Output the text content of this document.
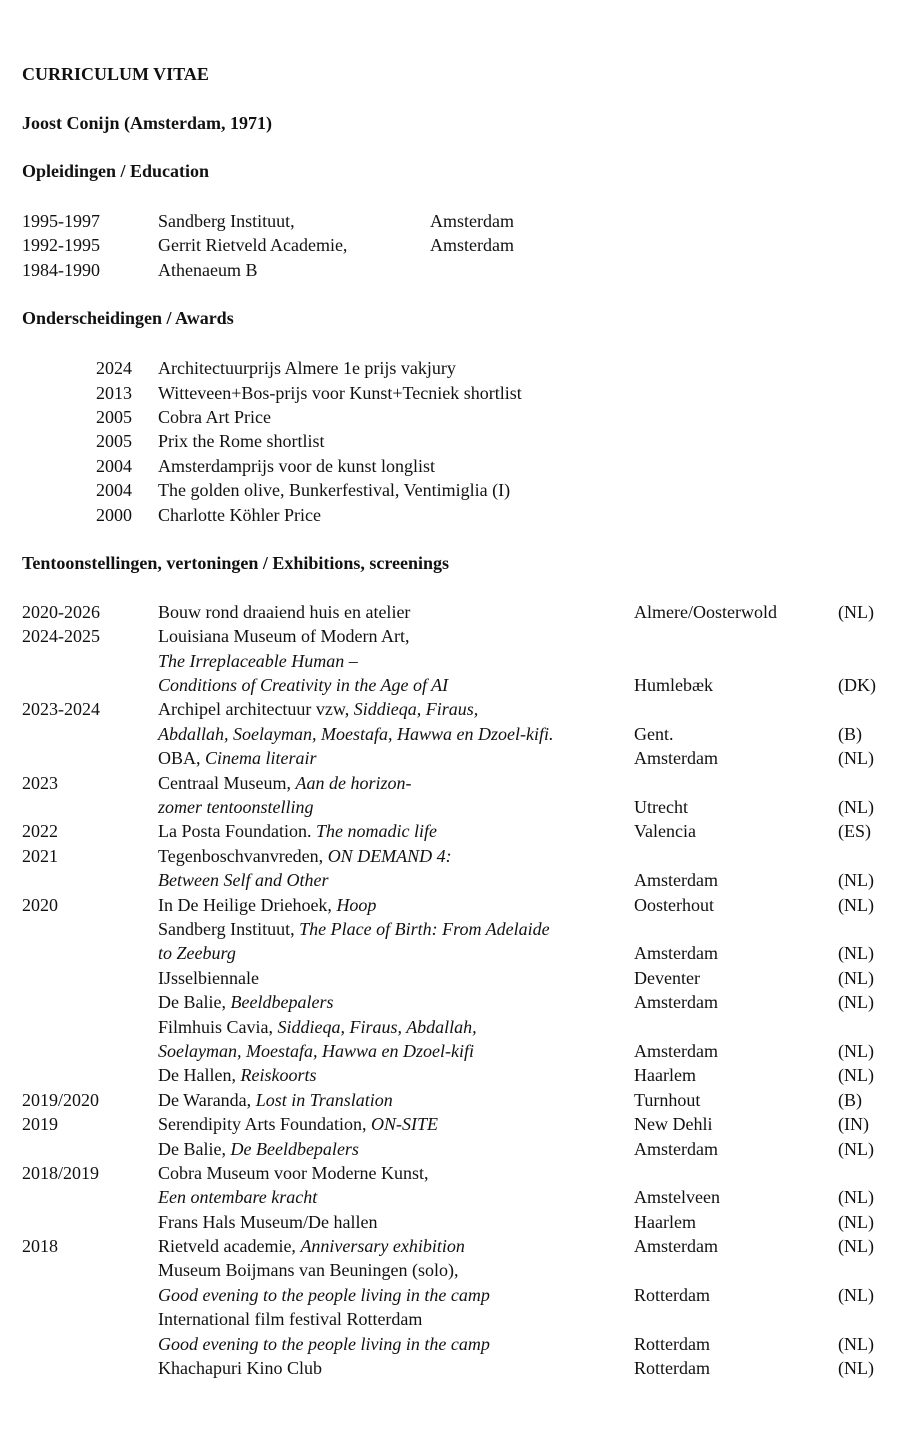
CURRICULUM VITAE
Joost Conijn (Amsterdam, 1971)
Opleidingen / Education
1995-1997	Sandberg Instituut,	Amsterdam
1992-1995	Gerrit Rietveld Academie,	Amsterdam
1984-1990	Athenaeum B
Onderscheidingen / Awards
2024 Architectuurprijs Almere 1e prijs vakjury
2013 Witteveen+Bos-prijs voor Kunst+Tecniek shortlist
2005 Cobra Art Price
2005 Prix the Rome shortlist
2004 Amsterdamprijs voor de kunst longlist
2004 The golden olive, Bunkerfestival, Ventimiglia (I)
2000 Charlotte Köhler Price
Tentoonstellingen, vertoningen / Exhibitions, screenings
2020-2026	Bouw rond draaiend huis en atelier	Almere/Oosterwold	(NL)
2024-2025	Louisiana Museum of Modern Art,
The Irreplaceable Human –
Conditions of Creativity in the Age of AI	Humlebæk	(DK)
2023-2024	Archipel architectuur vzw, Siddieqa, Firaus,
Abdallah, Soelayman, Moestafa, Hawwa en Dzoel-kifi.	Gent.	(B)
OBA, Cinema literair	Amsterdam	(NL)
2023	Centraal Museum, Aan de horizon-
zomer tentoonstelling	Utrecht	(NL)
2022	La Posta Foundation. The nomadic life	Valencia	(ES)
2021	Tegenboschvanvreden, ON DEMAND 4:
Between Self and Other	Amsterdam	(NL)
2020	In De Heilige Driehoek, Hoop	Oosterhout	(NL)
Sandberg Instituut, The Place of Birth: From Adelaide
to Zeeburg	Amsterdam	(NL)
IJsselbiennale	Deventer	(NL)
De Balie, Beeldbepalers	Amsterdam	(NL)
Filmhuis Cavia, Siddieqa, Firaus, Abdallah,
Soelayman, Moestafa, Hawwa en Dzoel-kifi	Amsterdam	(NL)
De Hallen, Reiskoorts	Haarlem	(NL)
2019/2020	De Waranda, Lost in Translation	Turnhout	(B)
2019	Serendipity Arts Foundation, ON-SITE	New Dehli	(IN)
De Balie, De Beeldbepalers	Amsterdam	(NL)
2018/2019	Cobra Museum voor Moderne Kunst,
Een ontembare kracht	Amstelveen	(NL)
Frans Hals Museum/De hallen	Haarlem	(NL)
2018	Rietveld academie, Anniversary exhibition	Amsterdam	(NL)
Museum Boijmans van Beuningen (solo),
Good evening to the people living in the camp	Rotterdam	(NL)
International film festival Rotterdam
Good evening to the people living in the camp	Rotterdam	(NL)
Khachapuri Kino Club	Rotterdam	(NL)
